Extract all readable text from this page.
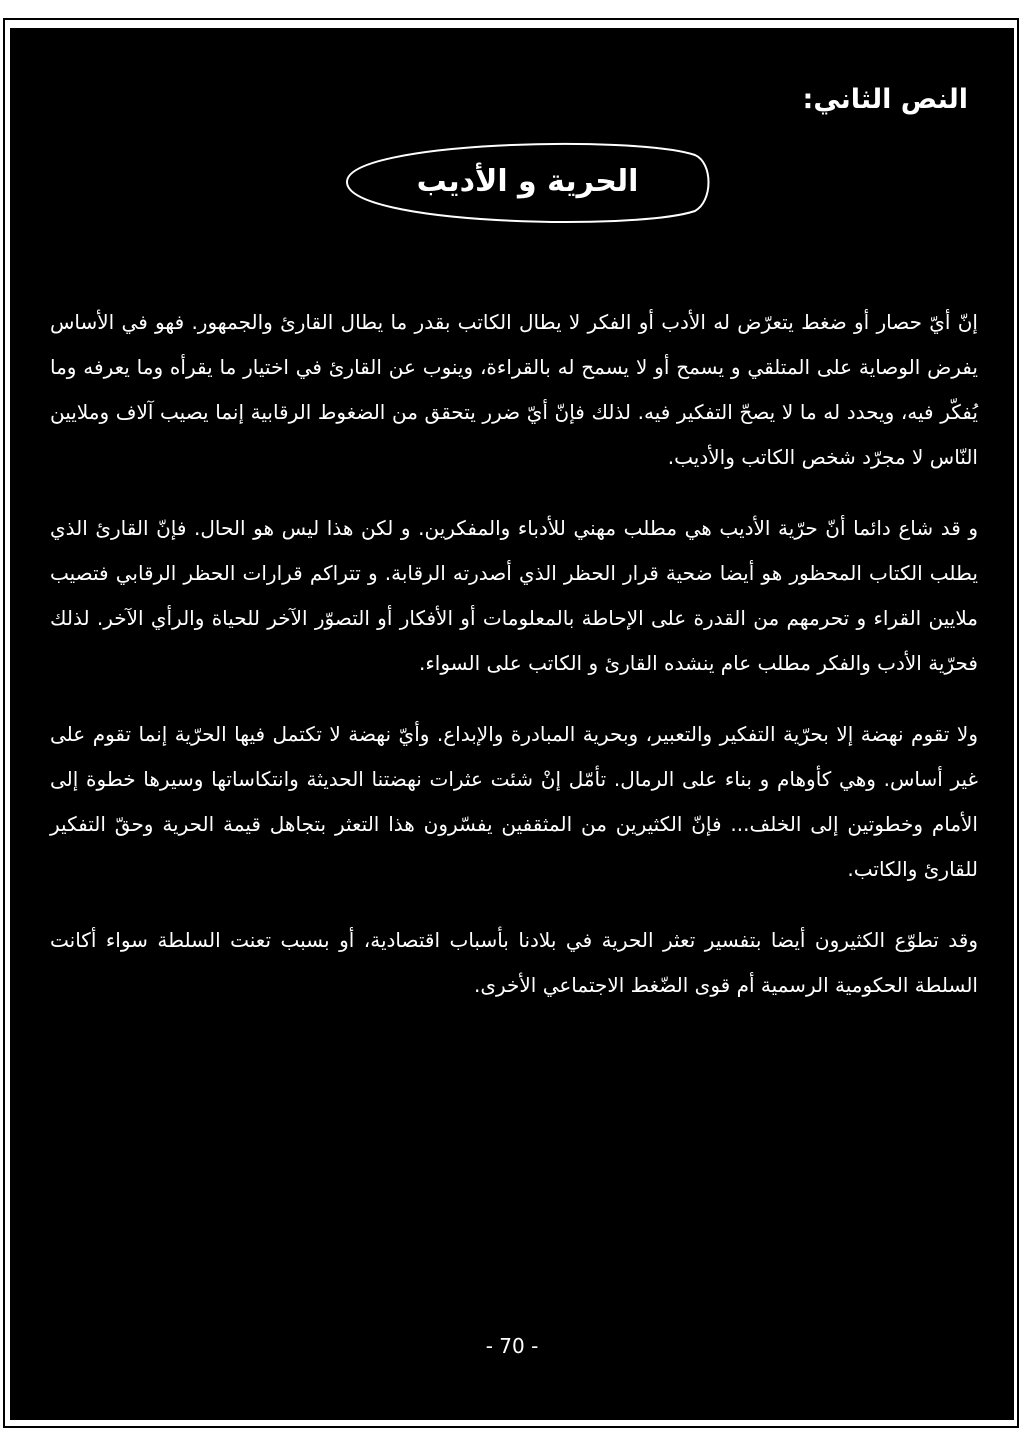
النص الثاني:
الحرية و الأديب

إنّ أيّ حصار أو ضغط يتعرّض له الأدب أو الفكر لا يطال الكاتب بقدر ما يطال القارئ والجمهور. فهو في الأساس يفرض الوصاية على المتلقي و يسمح أو لا يسمح له بالقراءة، وينوب عن القارئ في اختيار ما يقرأه وما يعرفه وما يُفكّر فيه، ويحدد له ما لا يصحّ التفكير فيه. لذلك فإنّ أيّ ضرر يتحقق من الضغوط الرقابية إنما يصيب آلاف وملايين النّاس لا مجرّد شخص الكاتب والأديب.

و قد شاع دائما أنّ حرّية الأديب هي مطلب مهني للأدباء والمفكرين. و لكن هذا ليس هو الحال. فإنّ القارئ الذي يطلب الكتاب المحظور هو أيضا ضحية قرار الحظر الذي أصدرته الرقابة. و تتراكم قرارات الحظر الرقابي فتصيب ملايين القراء و تحرمهم من القدرة على الإحاطة بالمعلومات أو الأفكار أو التصوّر الآخر للحياة والرأي الآخر. لذلك فحرّية الأدب والفكر مطلب عام ينشده القارئ و الكاتب على السواء.

ولا تقوم نهضة إلا بحرّية التفكير والتعبير، وبحرية المبادرة والإبداع. وأيّ نهضة لا تكتمل فيها الحرّية إنما تقوم على غير أساس. وهي كأوهام و بناء على الرمال. تأمّل إنْ شئت عثرات نهضتنا الحديثة وانتكاساتها وسيرها خطوة إلى الأمام وخطوتين إلى الخلف... فإنّ الكثيرين من المثقفين يفسّرون هذا التعثر بتجاهل قيمة الحرية وحقّ التفكير للقارئ والكاتب.

وقد تطوّع الكثيرون أيضا بتفسير تعثر الحرية في بلادنا بأسباب اقتصادية، أو بسبب تعنت السلطة سواء أكانت السلطة الحكومية الرسمية أم قوى الضّغط الاجتماعي الأخرى.

- 70 -
